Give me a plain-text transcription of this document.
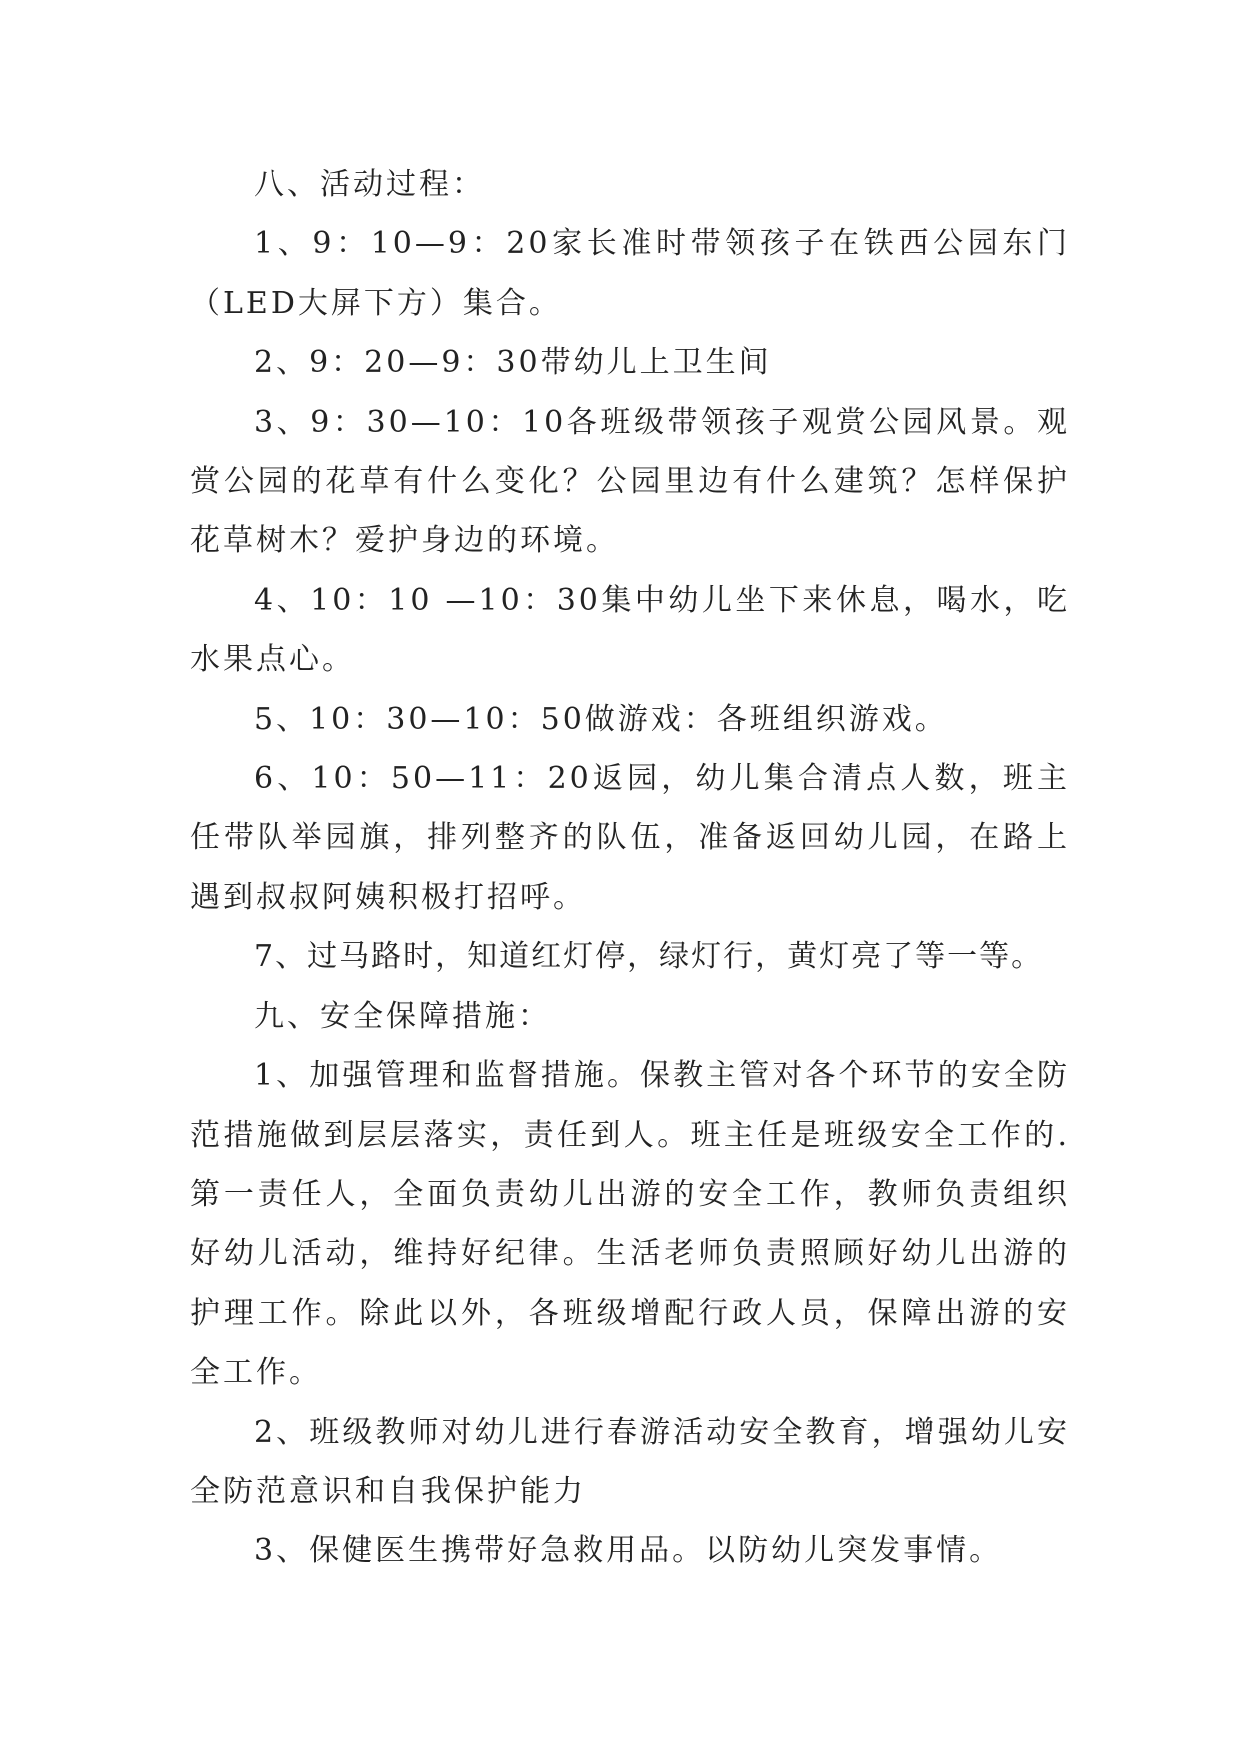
八、活动过程：

1、9：10—9：20家长准时带领孩子在铁西公园东门（LED大屏下方）集合。

2、9：20—9：30带幼儿上卫生间

3、9：30—10：10各班级带领孩子观赏公园风景。观赏公园的花草有什么变化？公园里边有什么建筑？怎样保护花草树木？爱护身边的环境。

4、10：10 —10：30集中幼儿坐下来休息，喝水，吃水果点心。

5、10：30—10：50做游戏：各班组织游戏。

6、10：50—11：20返园，幼儿集合清点人数，班主任带队举园旗，排列整齐的队伍，准备返回幼儿园，在路上遇到叔叔阿姨积极打招呼。

7、过马路时，知道红灯停，绿灯行，黄灯亮了等一等。

九、安全保障措施：

1、加强管理和监督措施。保教主管对各个环节的安全防范措施做到层层落实，责任到人。班主任是班级安全工作的.第一责任人，全面负责幼儿出游的安全工作，教师负责组织好幼儿活动，维持好纪律。生活老师负责照顾好幼儿出游的护理工作。除此以外，各班级增配行政人员，保障出游的安全工作。

2、班级教师对幼儿进行春游活动安全教育，增强幼儿安全防范意识和自我保护能力

3、保健医生携带好急救用品。以防幼儿突发事情。
